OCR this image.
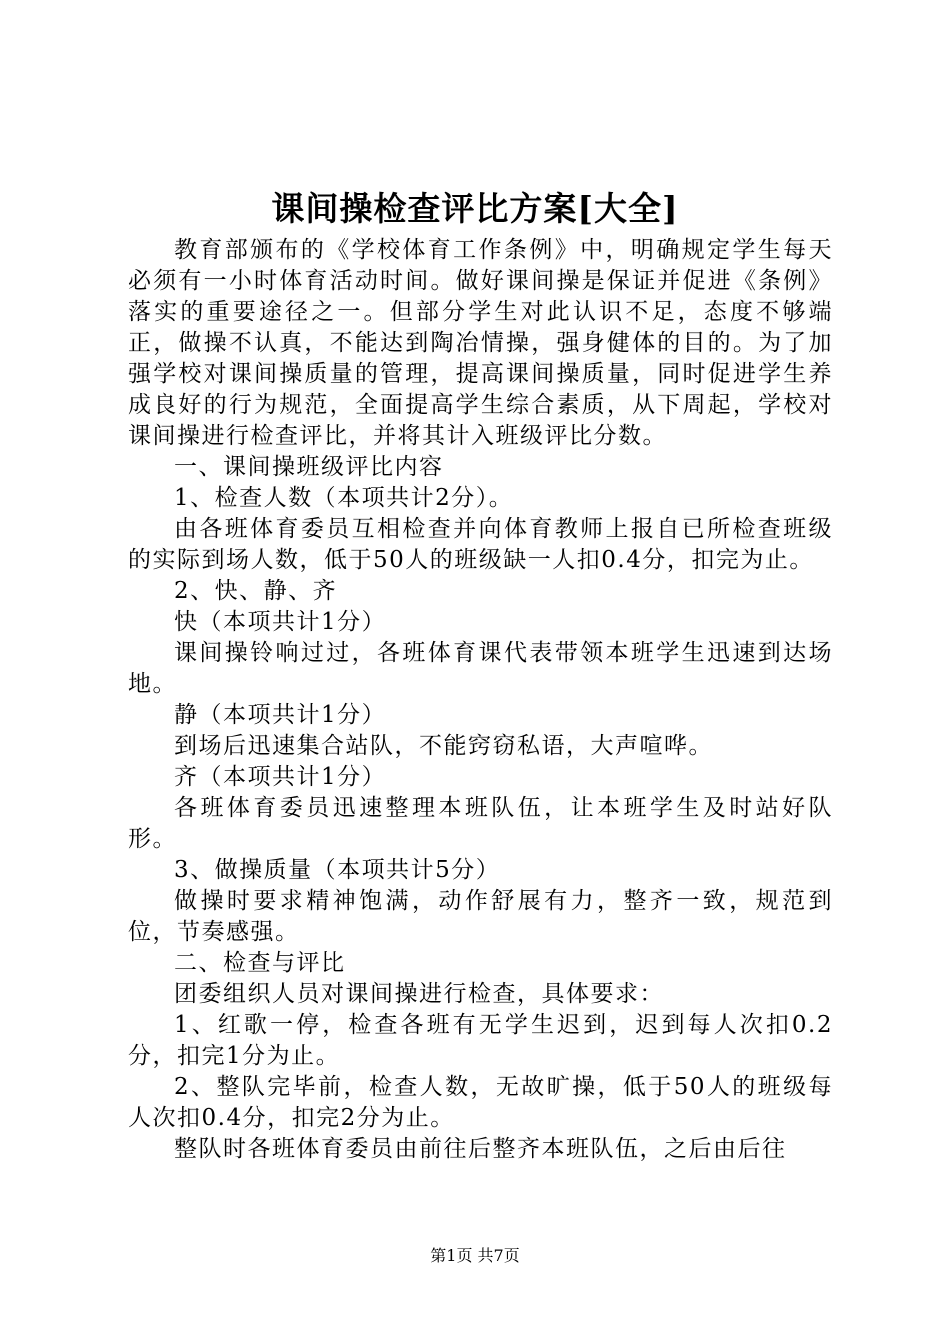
课间操检查评比方案[大全]

教育部颁布的《学校体育工作条例》中，明确规定学生每天必须有一小时体育活动时间。做好课间操是保证并促进《条例》落实的重要途径之一。但部分学生对此认识不足，态度不够端正，做操不认真，不能达到陶冶情操，强身健体的目的。为了加强学校对课间操质量的管理，提高课间操质量，同时促进学生养成良好的行为规范，全面提高学生综合素质，从下周起，学校对课间操进行检查评比，并将其计入班级评比分数。

一、课间操班级评比内容

1、检查人数（本项共计2分）。

由各班体育委员互相检查并向体育教师上报自已所检查班级的实际到场人数，低于50人的班级缺一人扣0.4分，扣完为止。

2、快、静、齐

快（本项共计1分）

课间操铃响过过，各班体育课代表带领本班学生迅速到达场地。

静（本项共计1分）

到场后迅速集合站队，不能窍窃私语，大声喧哗。

齐（本项共计1分）

各班体育委员迅速整理本班队伍，让本班学生及时站好队形。

3、做操质量（本项共计5分）

做操时要求精神饱满，动作舒展有力，整齐一致，规范到位，节奏感强。

二、检查与评比

团委组织人员对课间操进行检查，具体要求：

1、红歌一停，检查各班有无学生迟到，迟到每人次扣0.2分，扣完1分为止。

2、整队完毕前，检查人数，无故旷操，低于50人的班级每人次扣0.4分，扣完2分为止。

整队时各班体育委员由前往后整齐本班队伍，之后由后往

第1页 共7页
